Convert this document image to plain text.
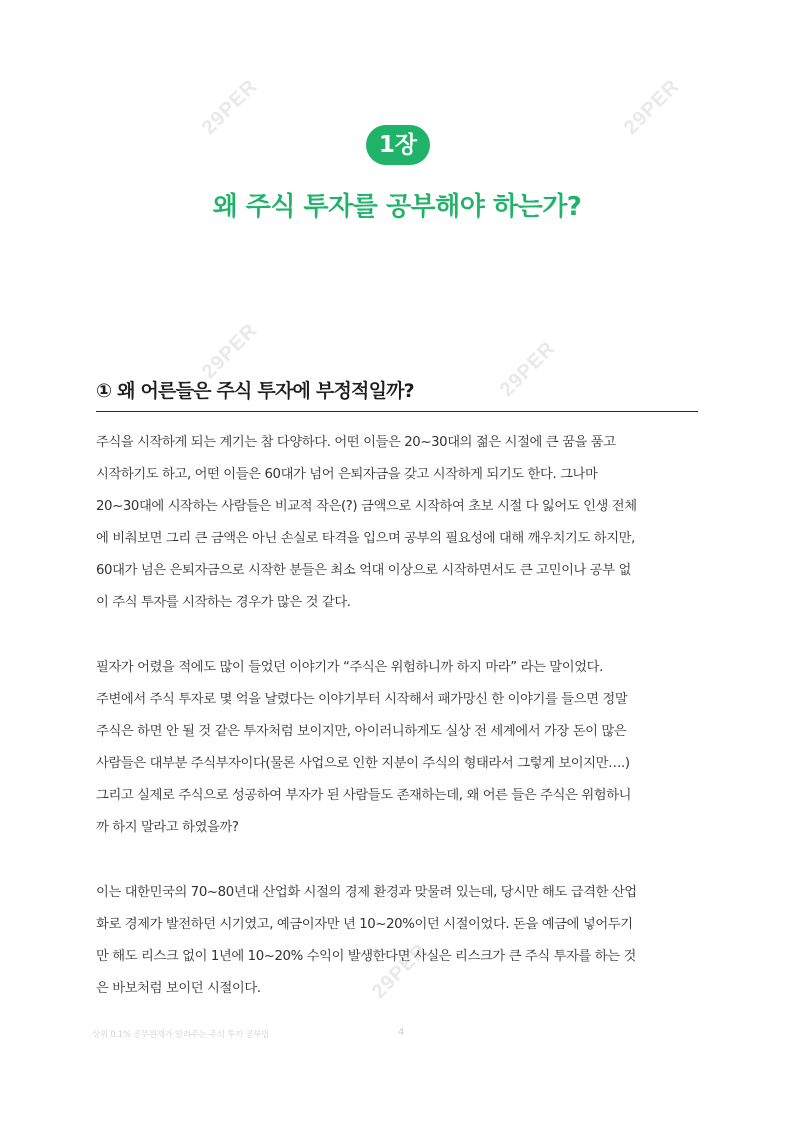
29PER	29PER
29PER	29PER
29PER
1장
왜 주식 투자를 공부해야 하는가?
① 왜 어른들은 주식 투자에 부정적일까?
주식을 시작하게 되는 계기는 참 다양하다. 어떤 이들은 20~30대의 젊은 시절에 큰 꿈을 품고
시작하기도 하고, 어떤 이들은 60대가 넘어 은퇴자금을 갖고 시작하게 되기도 한다. 그나마
20~30대에 시작하는 사람들은 비교적 작은(?) 금액으로 시작하여 초보 시절 다 잃어도 인생 전체
에 비춰보면 그리 큰 금액은 아닌 손실로 타격을 입으며 공부의 필요성에 대해 깨우치기도 하지만,
60대가 넘은 은퇴자금으로 시작한 분들은 최소 억대 이상으로 시작하면서도 큰 고민이나 공부 없
이 주식 투자를 시작하는 경우가 많은 것 같다.
필자가 어렸을 적에도 많이 들었던 이야기가 “주식은 위험하니까 하지 마라” 라는 말이었다.
주변에서 주식 투자로 몇 억을 날렸다는 이야기부터 시작해서 패가망신 한 이야기를 들으면 정말
주식은 하면 안 될 것 같은 투자처럼 보이지만, 아이러니하게도 실상 전 세계에서 가장 돈이 많은
사람들은 대부분 주식부자이다(물론 사업으로 인한 지분이 주식의 형태라서 그렇게 보이지만….)
그리고 실제로 주식으로 성공하여 부자가 된 사람들도 존재하는데, 왜 어른 들은 주식은 위험하니
까 하지 말라고 하였을까?
이는 대한민국의 70~80년대 산업화 시절의 경제 환경과 맞물려 있는데, 당시만 해도 급격한 산업
화로 경제가 발전하던 시기였고, 예금이자만 년 10~20%이던 시절이었다. 돈을 예금에 넣어두기
만 해도 리스크 없이 1년에 10~20% 수익이 발생한다면 사실은 리스크가 큰 주식 투자를 하는 것
은 바보처럼 보이던 시절이다.
상위 0.1% 공무원재가 알려주는 주식 투자 공부법	4
